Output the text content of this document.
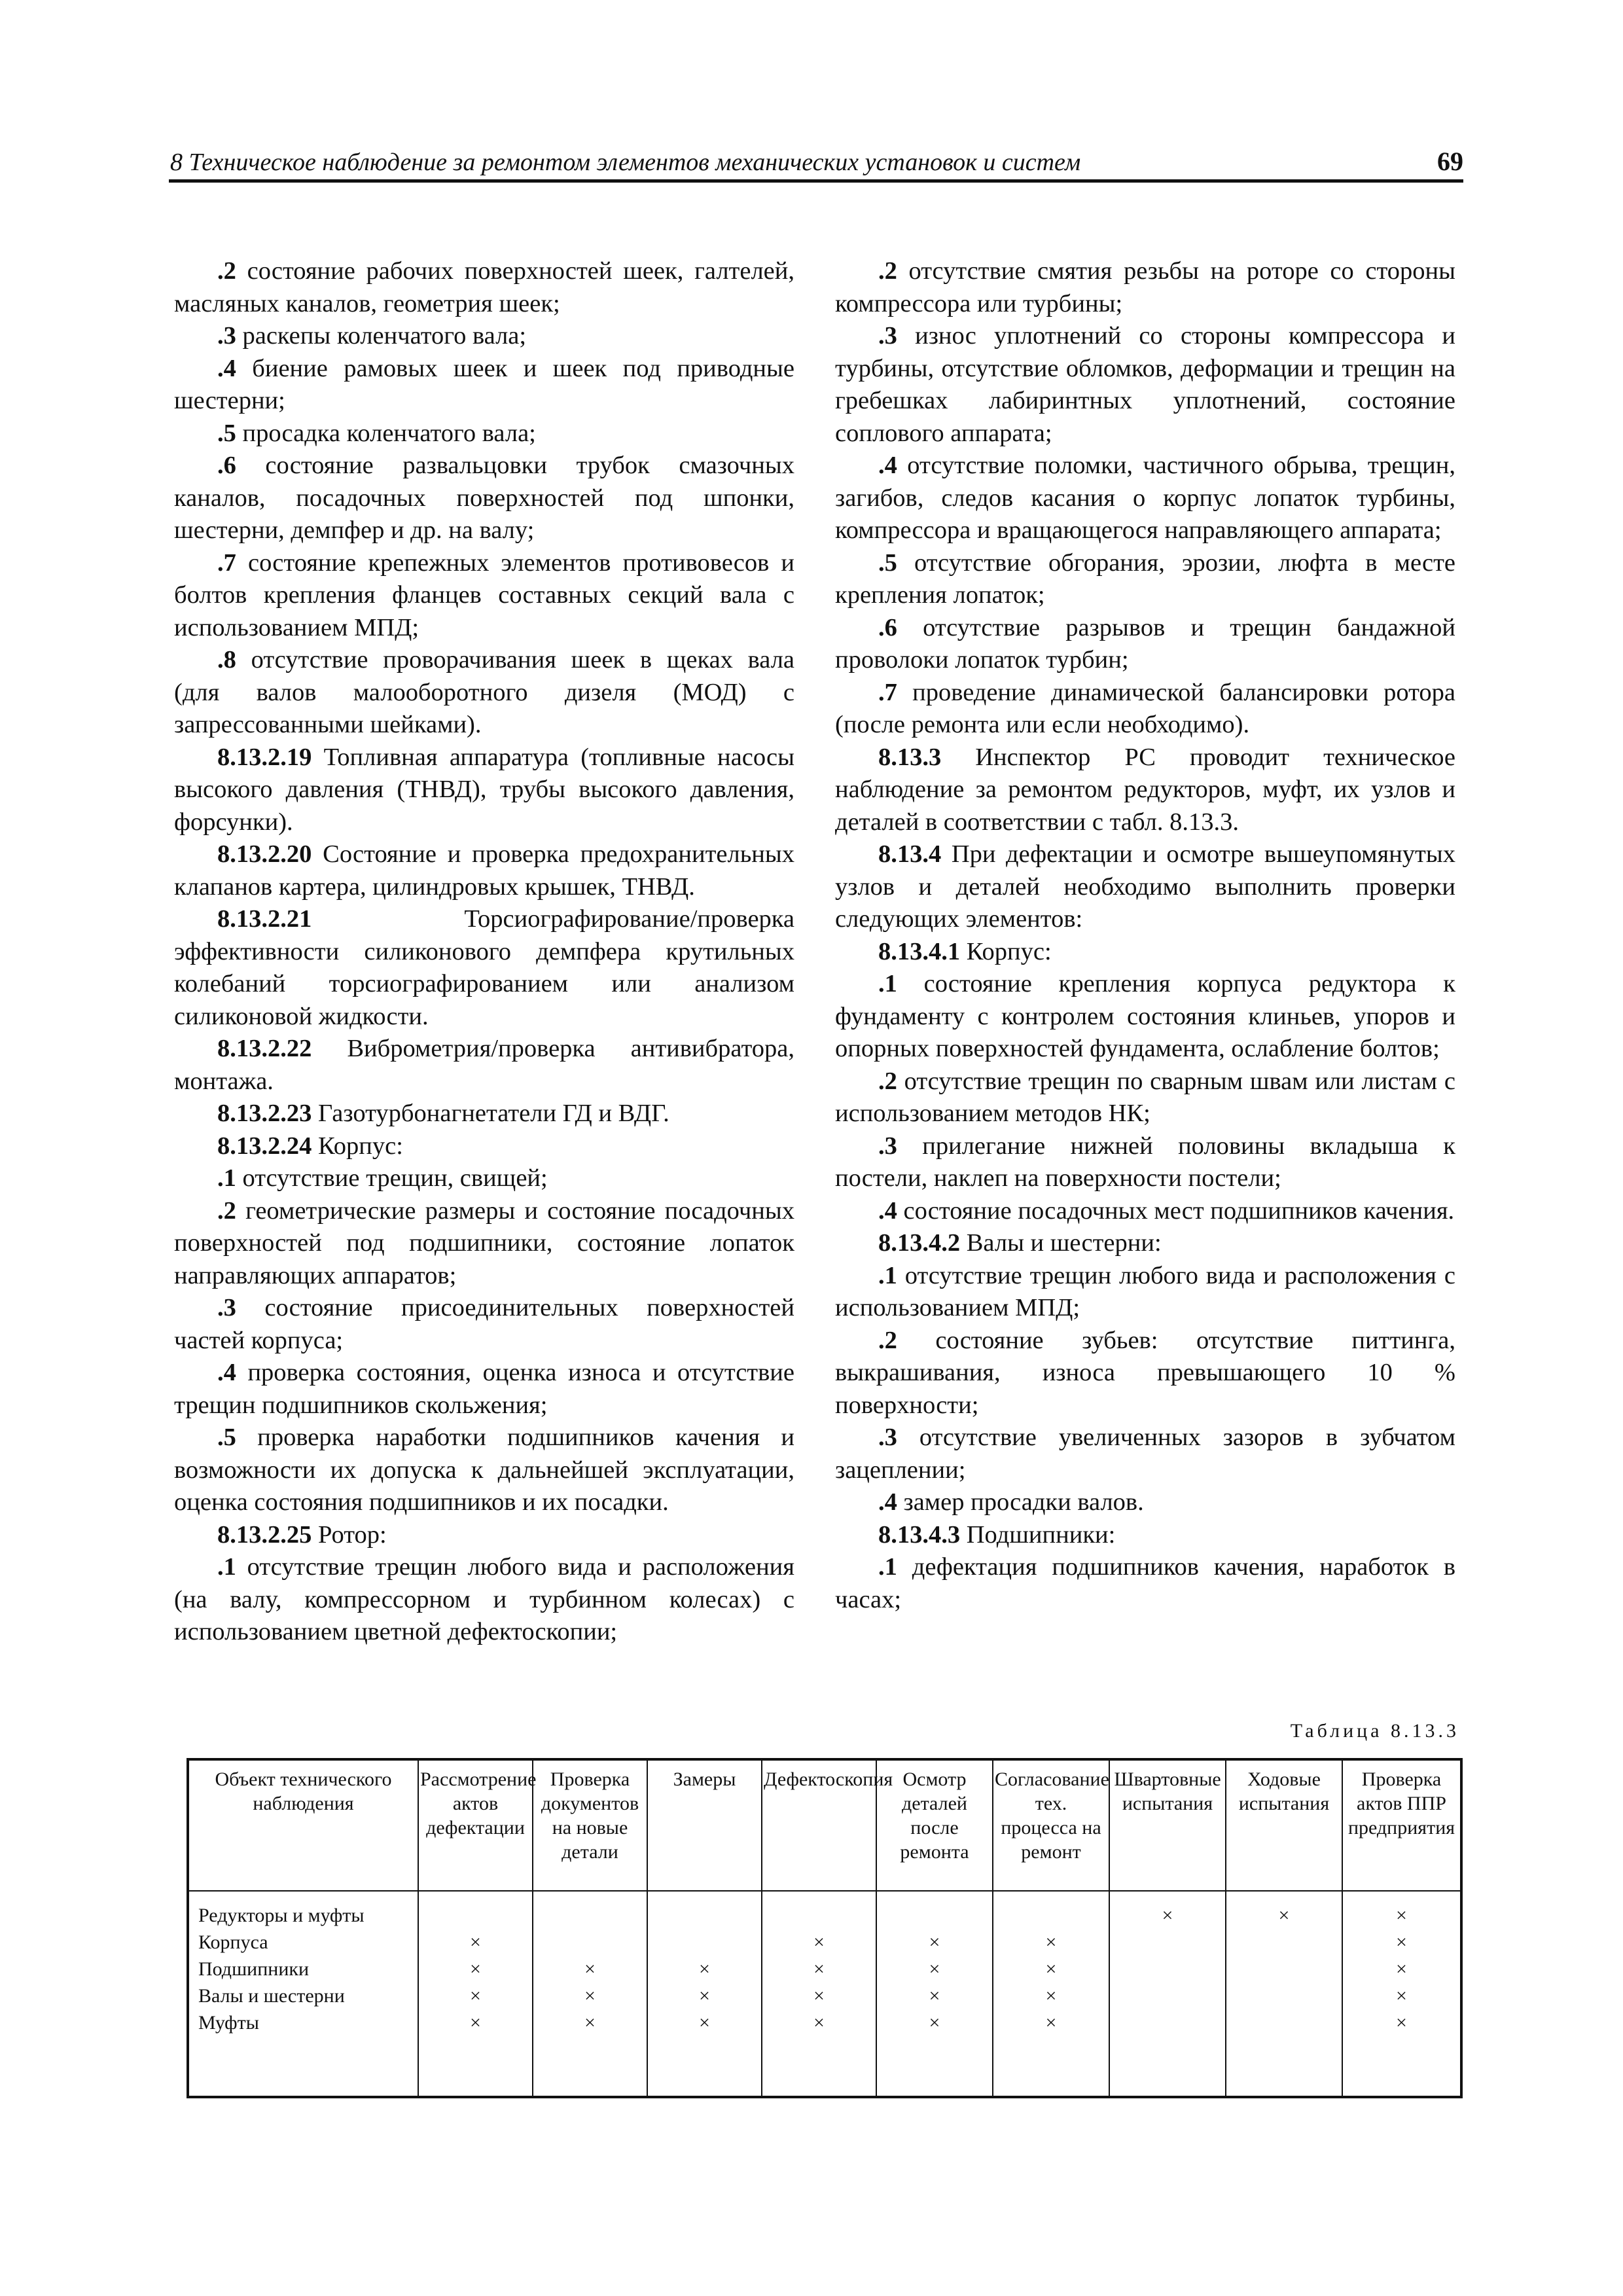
8 Техническое наблюдение за ремонтом элементов механических установок и систем	69

.2 состояние рабочих поверхностей шеек, галтелей, масляных каналов, геометрия шеек;

.3 раскепы коленчатого вала;

.4 биение рамовых шеек и шеек под приводные шестерни;

.5 просадка коленчатого вала;

.6 состояние развальцовки трубок смазочных каналов, посадочных поверхностей под шпонки, шестерни, демпфер и др. на валу;

.7 состояние крепежных элементов противовесов и болтов крепления фланцев составных секций вала с использованием МПД;

.8 отсутствие проворачивания шеек в щеках вала (для валов малооборотного дизеля (МОД) с запрессованными шейками).

8.13.2.19 Топливная аппаратура (топливные насосы высокого давления (ТНВД), трубы высокого давления, форсунки).

8.13.2.20 Состояние и проверка предохранительных клапанов картера, цилиндровых крышек, ТНВД.

8.13.2.21 Торсиографирование/проверка эффективности силиконового демпфера крутильных колебаний торсиографированием или анализом силиконовой жидкости.

8.13.2.22 Виброметрия/проверка антивибратора, монтажа.

8.13.2.23 Газотурбонагнетатели ГД и ВДГ.

8.13.2.24 Корпус:

.1 отсутствие трещин, свищей;

.2 геометрические размеры и состояние посадочных поверхностей под подшипники, состояние лопаток направляющих аппаратов;

.3 состояние присоединительных поверхностей частей корпуса;

.4 проверка состояния, оценка износа и отсутствие трещин подшипников скольжения;

.5 проверка наработки подшипников качения и возможности их допуска к дальнейшей эксплуатации, оценка состояния подшипников и их посадки.

8.13.2.25 Ротор:

.1 отсутствие трещин любого вида и расположения (на валу, компрессорном и турбинном колесах) с использованием цветной дефектоскопии;

.2 отсутствие смятия резьбы на роторе со стороны компрессора или турбины;

.3 износ уплотнений со стороны компрессора и турбины, отсутствие обломков, деформации и трещин на гребешках лабиринтных уплотнений, состояние соплового аппарата;

.4 отсутствие поломки, частичного обрыва, трещин, загибов, следов касания о корпус лопаток турбины, компрессора и вращающегося направляющего аппарата;

.5 отсутствие обгорания, эрозии, люфта в месте крепления лопаток;

.6 отсутствие разрывов и трещин бандажной проволоки лопаток турбин;

.7 проведение динамической балансировки ротора (после ремонта или если необходимо).

8.13.3 Инспектор РС проводит техническое наблюдение за ремонтом редукторов, муфт, их узлов и деталей в соответствии с табл. 8.13.3.

8.13.4 При дефектации и осмотре вышеупомянутых узлов и деталей необходимо выполнить проверки следующих элементов:

8.13.4.1 Корпус:

.1 состояние крепления корпуса редуктора к фундаменту с контролем состояния клиньев, упоров и опорных поверхностей фундамента, ослабление болтов;

.2 отсутствие трещин по сварным швам или листам с использованием методов НК;

.3 прилегание нижней половины вкладыша к постели, наклеп на поверхности постели;

.4 состояние посадочных мест подшипников качения.

8.13.4.2 Валы и шестерни:

.1 отсутствие трещин любого вида и расположения с использованием МПД;

.2 состояние зубьев: отсутствие питтинга, выкрашивания, износа превышающего 10 % поверхности;

.3 отсутствие увеличенных зазоров в зубчатом зацеплении;

.4 замер просадки валов.

8.13.4.3 Подшипники:

.1 дефектация подшипников качения, наработок в часах;

Таблица 8.13.3
Объект технического наблюдения	Рассмотрение актов дефектации	Проверка документов на новые детали	Замеры	Дефектоскопия	Осмотр деталей после ремонта	Согласование тех. процесса на ремонт	Швартовные испытания	Ходовые испытания	Проверка актов ППР предприятия
Редукторы и муфты							×	×	×
Корпуса	×			×	×	×			×
Подшипники	×	×	×	×	×	×			×
Валы и шестерни	×	×	×	×	×	×			×
Муфты	×	×	×	×	×	×			×
